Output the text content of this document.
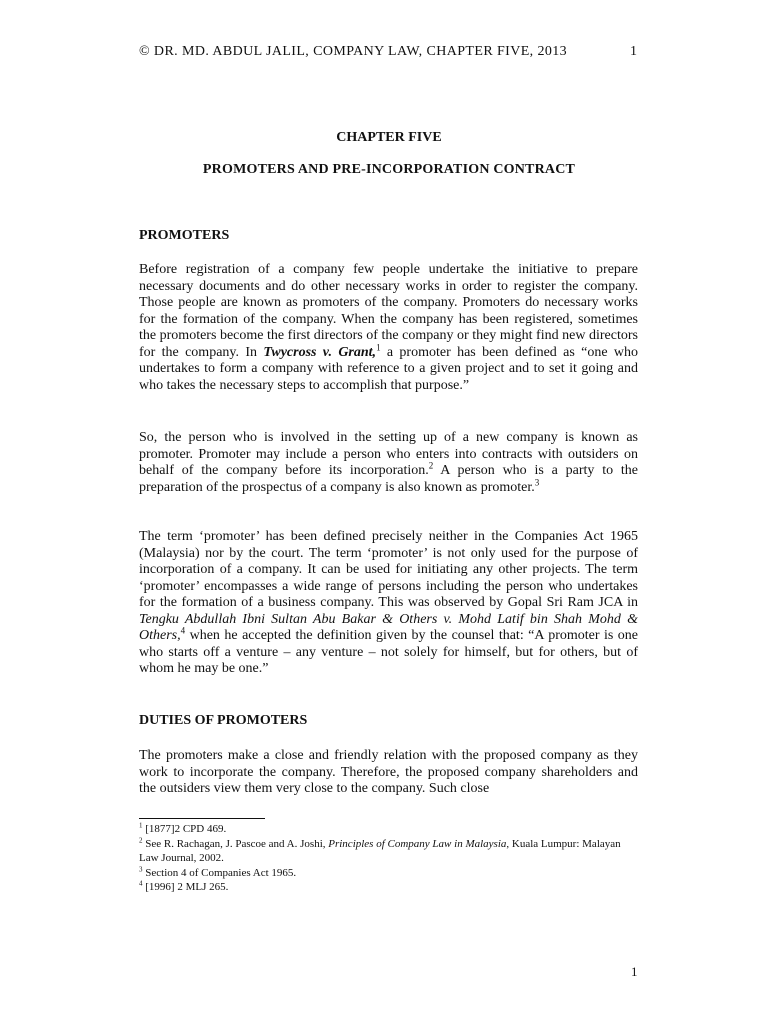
© DR. MD. ABDUL JALIL, COMPANY LAW, CHAPTER FIVE, 2013	1
CHAPTER FIVE
PROMOTERS AND PRE-INCORPORATION CONTRACT
PROMOTERS

Before registration of a company few people undertake the initiative to prepare necessary documents and do other necessary works in order to register the company. Those people are known as promoters of the company. Promoters do necessary works for the formation of the company. When the company has been registered, sometimes the promoters become the first directors of the company or they might find new directors for the company. In Twycross v. Grant,$^1$ a promoter has been defined as “one who undertakes to form a company with reference to a given project and to set it going and who takes the necessary steps to accomplish that purpose.”

So, the person who is involved in the setting up of a new company is known as promoter. Promoter may include a person who enters into contracts with outsiders on behalf of the company before its incorporation.$^2$ A person who is a party to the preparation of the prospectus of a company is also known as promoter.$^3$

The term ‘promoter’ has been defined precisely neither in the Companies Act 1965 (Malaysia) nor by the court. The term ‘promoter’ is not only used for the purpose of incorporation of a company. It can be used for initiating any other projects. The term ‘promoter’ encompasses a wide range of persons including the person who undertakes for the formation of a business company. This was observed by Gopal Sri Ram JCA in Tengku Abdullah Ibni Sultan Abu Bakar & Others v. Mohd Latif bin Shah Mohd & Others,$^4$ when he accepted the definition given by the counsel that: “A promoter is one who starts off a venture – any venture – not solely for himself, but for others, but of whom he may be one.”

DUTIES OF PROMOTERS

The promoters make a close and friendly relation with the proposed company as they work to incorporate the company. Therefore, the proposed company shareholders and the outsiders view them very close to the company. Such close

$^1$ [1877]2 CPD 469.
$^2$ See R. Rachagan, J. Pascoe and A. Joshi, Principles of Company Law in Malaysia, Kuala Lumpur: Malayan Law Journal, 2002.
$^3$ Section 4 of Companies Act 1965.
$^4$ [1996] 2 MLJ 265.
1
